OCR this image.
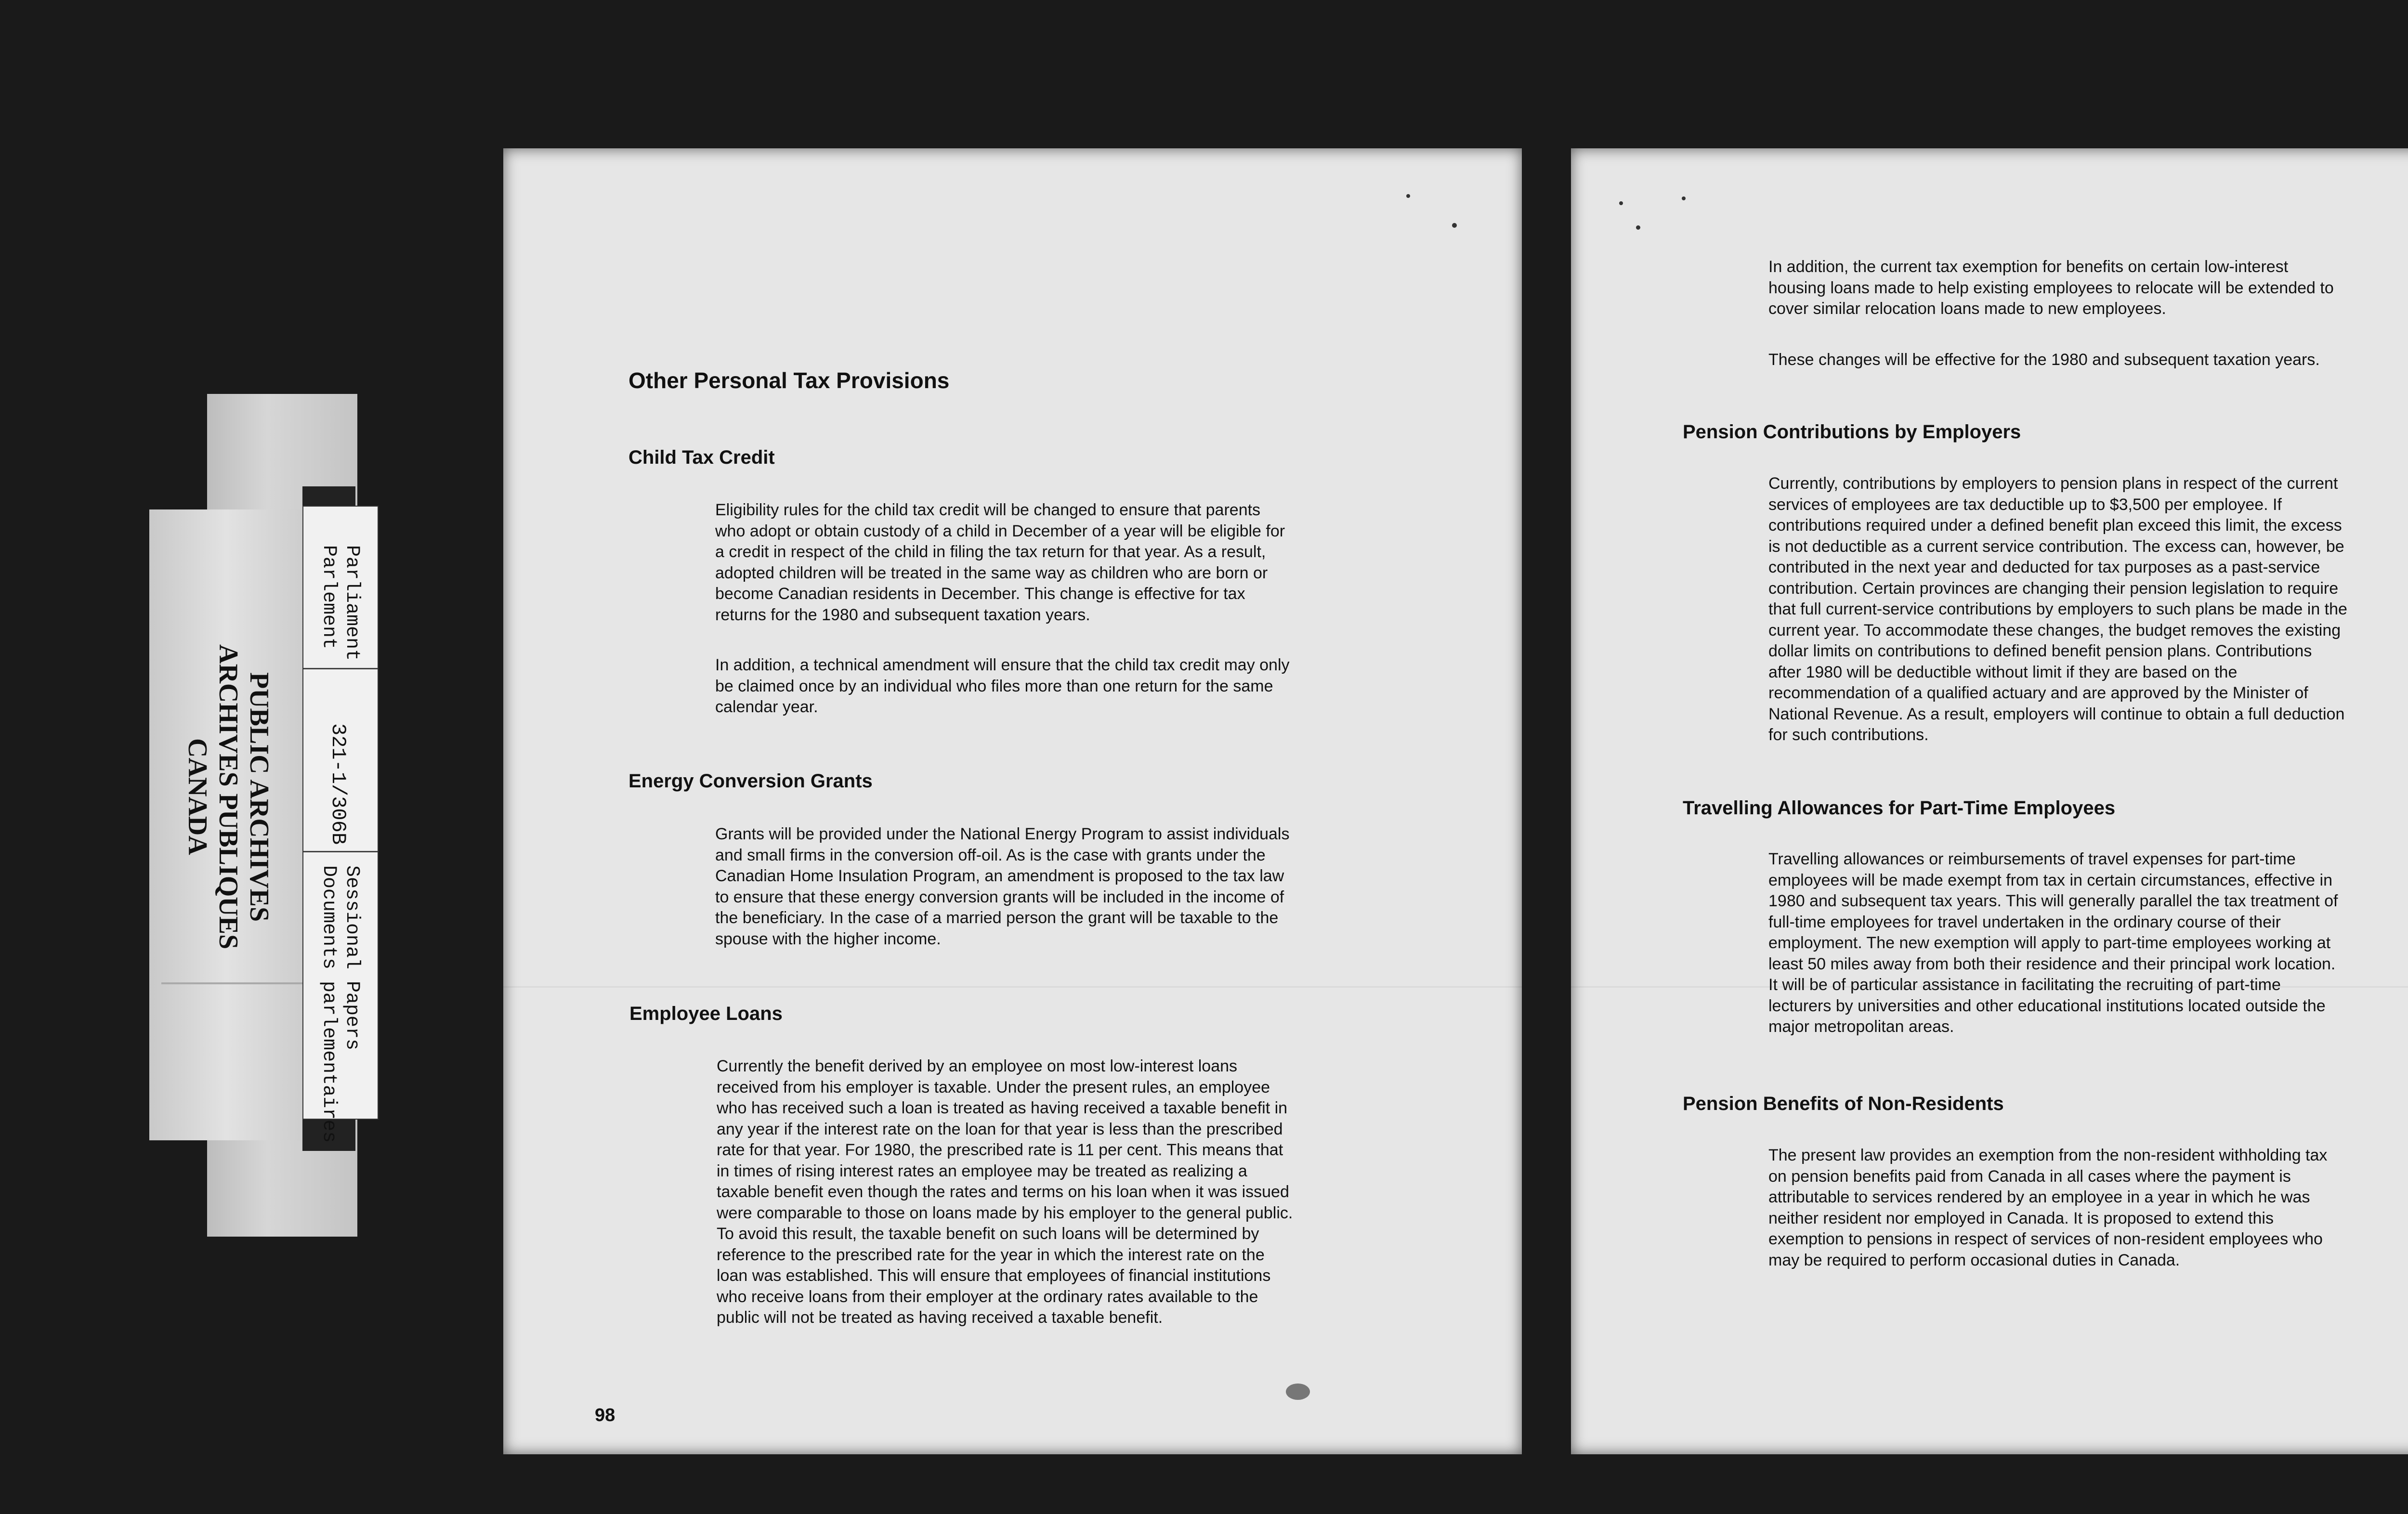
PUBLIC ARCHIVES
ARCHIVES PUBLIQUES
CANADA
Parliament
Parlement
321-1/306B
Sessional Papers
Documents parlementaires
Other Personal Tax Provisions
Child Tax Credit

Eligibility rules for the child tax credit will be changed to ensure that parents
who adopt or obtain custody of a child in December of a year will be eligible for
a credit in respect of the child in filing the tax return for that year. As a result,
adopted children will be treated in the same way as children who are born or
become Canadian residents in December. This change is effective for tax
returns for the 1980 and subsequent taxation years.

In addition, a technical amendment will ensure that the child tax credit may only
be claimed once by an individual who files more than one return for the same
calendar year.

Energy Conversion Grants

Grants will be provided under the National Energy Program to assist individuals
and small firms in the conversion off-oil. As is the case with grants under the
Canadian Home Insulation Program, an amendment is proposed to the tax law
to ensure that these energy conversion grants will be included in the income of
the beneficiary. In the case of a married person the grant will be taxable to the
spouse with the higher income.

Employee Loans

Currently the benefit derived by an employee on most low-interest loans
received from his employer is taxable. Under the present rules, an employee
who has received such a loan is treated as having received a taxable benefit in
any year if the interest rate on the loan for that year is less than the prescribed
rate for that year. For 1980, the prescribed rate is 11 per cent. This means that
in times of rising interest rates an employee may be treated as realizing a
taxable benefit even though the rates and terms on his loan when it was issued
were comparable to those on loans made by his employer to the general public.
To avoid this result, the taxable benefit on such loans will be determined by
reference to the prescribed rate for the year in which the interest rate on the
loan was established. This will ensure that employees of financial institutions
who receive loans from their employer at the ordinary rates available to the
public will not be treated as having received a taxable benefit.

98

In addition, the current tax exemption for benefits on certain low-interest
housing loans made to help existing employees to relocate will be extended to
cover similar relocation loans made to new employees.

These changes will be effective for the 1980 and subsequent taxation years.

Pension Contributions by Employers

Currently, contributions by employers to pension plans in respect of the current
services of employees are tax deductible up to $3,500 per employee. If
contributions required under a defined benefit plan exceed this limit, the excess
is not deductible as a current service contribution. The excess can, however, be
contributed in the next year and deducted for tax purposes as a past-service
contribution. Certain provinces are changing their pension legislation to require
that full current-service contributions by employers to such plans be made in the
current year. To accommodate these changes, the budget removes the existing
dollar limits on contributions to defined benefit pension plans. Contributions
after 1980 will be deductible without limit if they are based on the
recommendation of a qualified actuary and are approved by the Minister of
National Revenue. As a result, employers will continue to obtain a full deduction
for such contributions.

Travelling Allowances for Part-Time Employees

Travelling allowances or reimbursements of travel expenses for part-time
employees will be made exempt from tax in certain circumstances, effective in
1980 and subsequent tax years. This will generally parallel the tax treatment of
full-time employees for travel undertaken in the ordinary course of their
employment. The new exemption will apply to part-time employees working at
least 50 miles away from both their residence and their principal work location.
It will be of particular assistance in facilitating the recruiting of part-time
lecturers by universities and other educational institutions located outside the
major metropolitan areas.

Pension Benefits of Non-Residents

The present law provides an exemption from the non-resident withholding tax
on pension benefits paid from Canada in all cases where the payment is
attributable to services rendered by an employee in a year in which he was
neither resident nor employed in Canada. It is proposed to extend this
exemption to pensions in respect of services of non-resident employees who
may be required to perform occasional duties in Canada.
